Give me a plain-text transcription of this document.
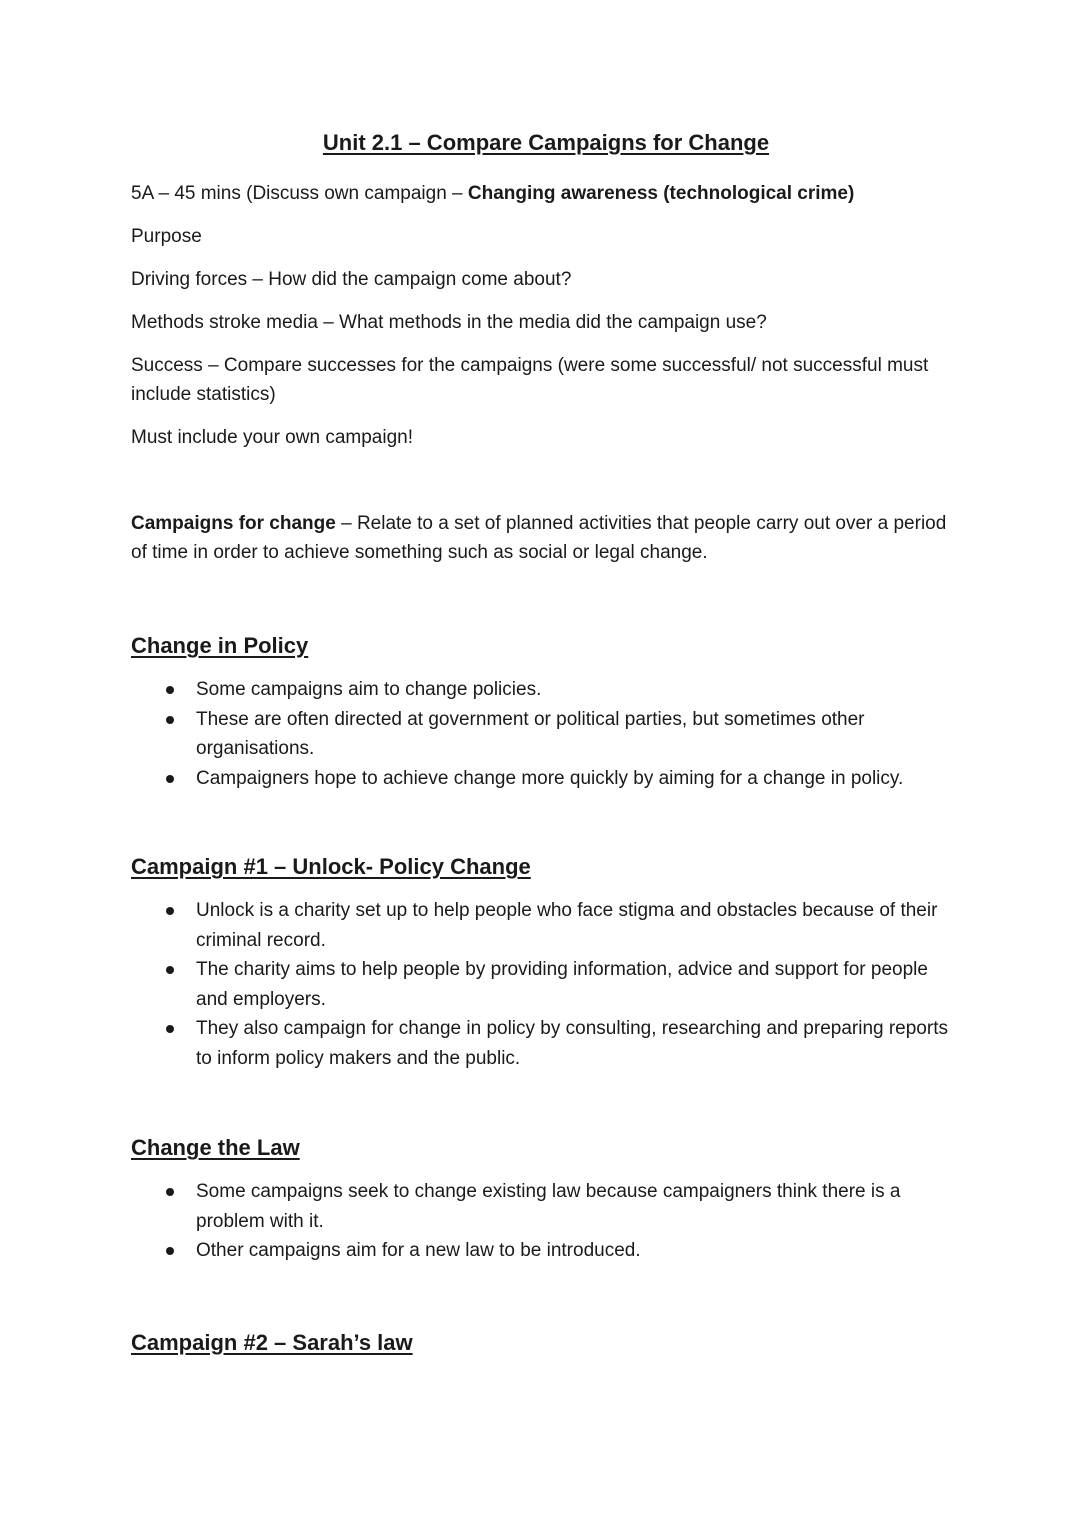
Unit 2.1 – Compare Campaigns for Change

5A – 45 mins (Discuss own campaign – Changing awareness (technological crime)

Purpose

Driving forces – How did the campaign come about?

Methods stroke media – What methods in the media did the campaign use?

Success – Compare successes for the campaigns (were some successful/ not successful must include statistics)

Must include your own campaign!

Campaigns for change – Relate to a set of planned activities that people carry out over a period of time in order to achieve something such as social or legal change.

Change in Policy
Some campaigns aim to change policies.
These are often directed at government or political parties, but sometimes other organisations.
Campaigners hope to achieve change more quickly by aiming for a change in policy.
Campaign #1 – Unlock- Policy Change
Unlock is a charity set up to help people who face stigma and obstacles because of their criminal record.
The charity aims to help people by providing information, advice and support for people and employers.
They also campaign for change in policy by consulting, researching and preparing reports to inform policy makers and the public.
Change the Law
Some campaigns seek to change existing law because campaigners think there is a problem with it.
Other campaigns aim for a new law to be introduced.
Campaign #2 – Sarah’s law
